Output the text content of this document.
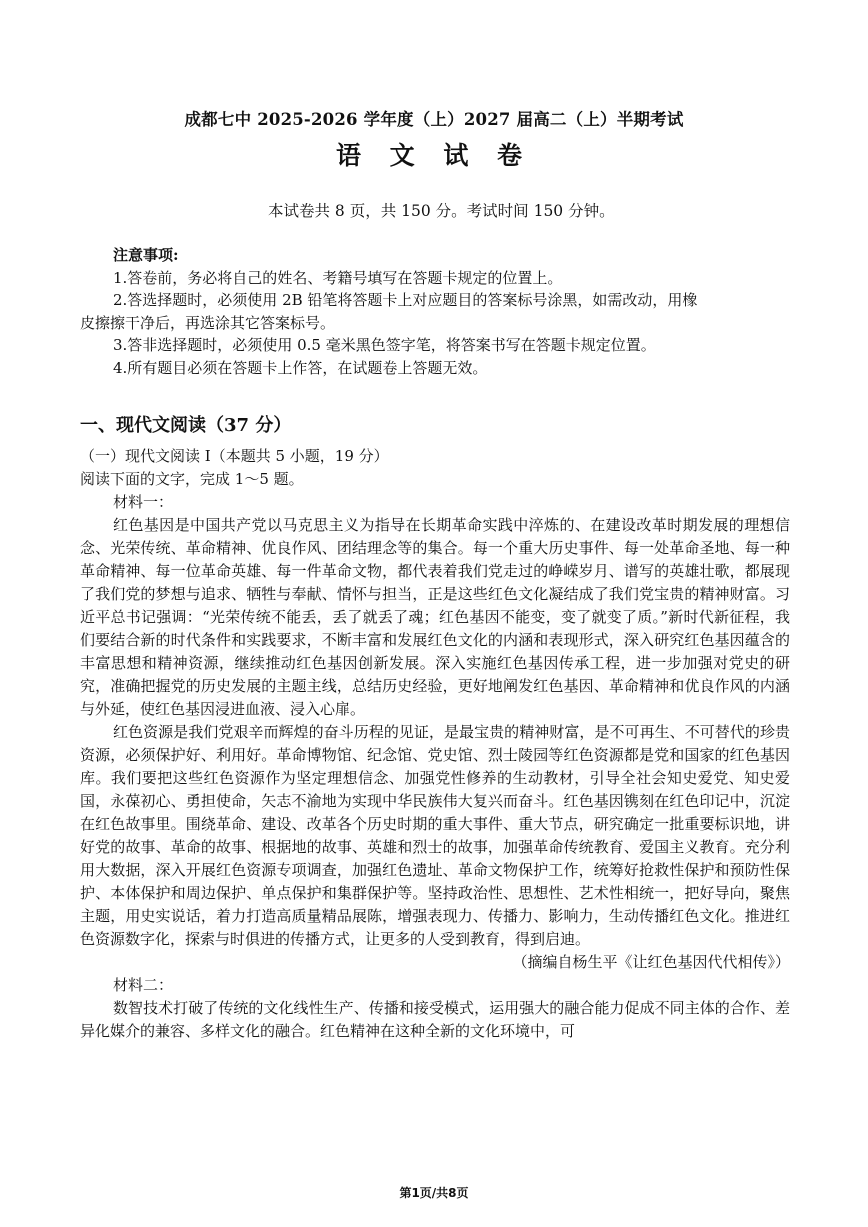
成都七中 2025-2026 学年度（上）2027 届高二（上）半期考试
语 文 试 卷
本试卷共 8 页，共 150 分。考试时间 150 分钟。

注意事项:

1.答卷前，务必将自己的姓名、考籍号填写在答题卡规定的位置上。

2.答选择题时，必须使用 2B 铅笔将答题卡上对应题目的答案标号涂黑，如需改动，用橡

皮擦擦干净后，再选涂其它答案标号。

3.答非选择题时，必须使用 0.5 毫米黑色签字笔，将答案书写在答题卡规定位置。

4.所有题目必须在答题卡上作答，在试题卷上答题无效。

一、现代文阅读（37 分）

（一）现代文阅读 I（本题共 5 小题，19 分）

阅读下面的文字，完成 1～5 题。

材料一：

红色基因是中国共产党以马克思主义为指导在长期革命实践中淬炼的、在建设改革时期发展的理想信念、光荣传统、革命精神、优良作风、团结理念等的集合。每一个重大历史事件、每一处革命圣地、每一种革命精神、每一位革命英雄、每一件革命文物，都代表着我们党走过的峥嵘岁月、谱写的英雄壮歌，都展现了我们党的梦想与追求、牺牲与奉献、情怀与担当，正是这些红色文化凝结成了我们党宝贵的精神财富。习近平总书记强调：“光荣传统不能丢，丢了就丢了魂；红色基因不能变，变了就变了质。”新时代新征程，我们要结合新的时代条件和实践要求，不断丰富和发展红色文化的内涵和表现形式，深入研究红色基因蕴含的丰富思想和精神资源，继续推动红色基因创新发展。深入实施红色基因传承工程，进一步加强对党史的研究，准确把握党的历史发展的主题主线，总结历史经验，更好地阐发红色基因、革命精神和优良作风的内涵与外延，使红色基因浸进血液、浸入心扉。

红色资源是我们党艰辛而辉煌的奋斗历程的见证，是最宝贵的精神财富，是不可再生、不可替代的珍贵资源，必须保护好、利用好。革命博物馆、纪念馆、党史馆、烈士陵园等红色资源都是党和国家的红色基因库。我们要把这些红色资源作为坚定理想信念、加强党性修养的生动教材，引导全社会知史爱党、知史爱国，永葆初心、勇担使命，矢志不渝地为实现中华民族伟大复兴而奋斗。红色基因镌刻在红色印记中，沉淀在红色故事里。围绕革命、建设、改革各个历史时期的重大事件、重大节点，研究确定一批重要标识地，讲好党的故事、革命的故事、根据地的故事、英雄和烈士的故事，加强革命传统教育、爱国主义教育。充分利用大数据，深入开展红色资源专项调查，加强红色遗址、革命文物保护工作，统筹好抢救性保护和预防性保护、本体保护和周边保护、单点保护和集群保护等。坚持政治性、思想性、艺术性相统一，把好导向，聚焦主题，用史实说话，着力打造高质量精品展陈，增强表现力、传播力、影响力，生动传播红色文化。推进红色资源数字化，探索与时俱进的传播方式，让更多的人受到教育，得到启迪。

（摘编自杨生平《让红色基因代代相传》）

材料二：

数智技术打破了传统的文化线性生产、传播和接受模式，运用强大的融合能力促成不同主体的合作、差异化媒介的兼容、多样文化的融合。红色精神在这种全新的文化环境中，可

第1页/共8页
